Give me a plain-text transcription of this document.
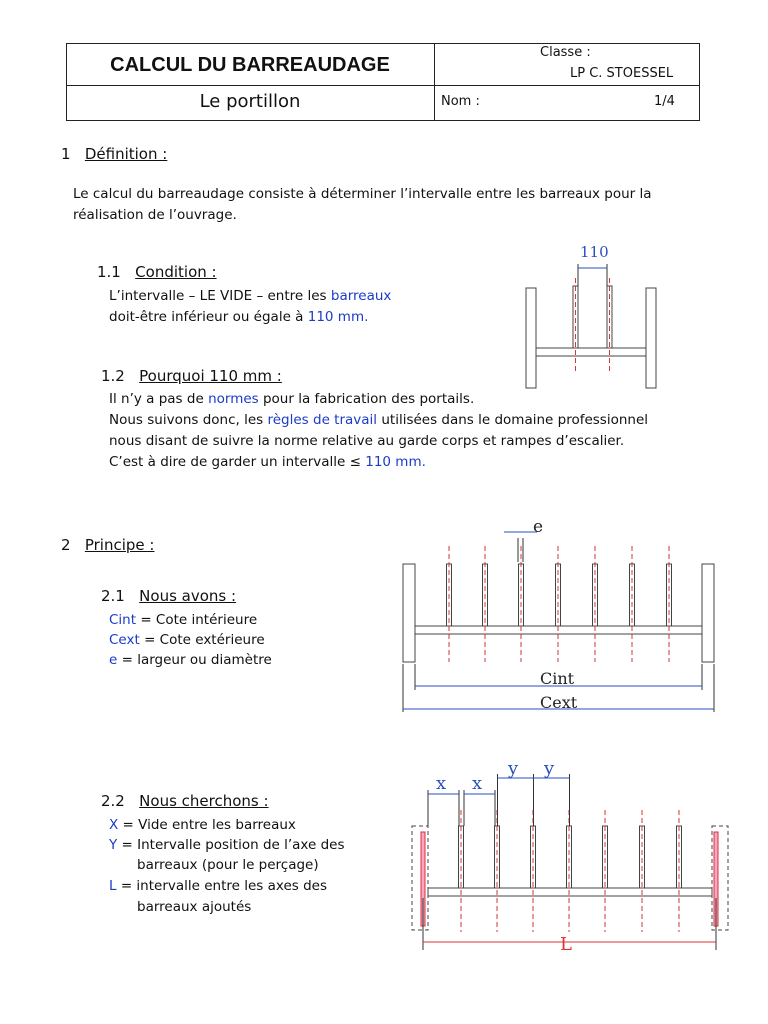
CALCUL DU BARREAUDAGE
Classe :
LP C. STOESSEL
Le portillon	Nom :	1/4
1 Définition :
Le calcul du barreaudage consiste à déterminer l’intervalle entre les barreaux pour la
réalisation de l’ouvrage.
1.1 Condition :
L’intervalle – LE VIDE – entre les barreaux
doit-être inférieur ou égale à 110 mm.
1.2 Pourquoi 110 mm :
Il n’y a pas de normes pour la fabrication des portails.
Nous suivons donc, les règles de travail utilisées dans le domaine professionnel
nous disant de suivre la norme relative au garde corps et rampes d’escalier.
C’est à dire de garder un intervalle ≤ 110 mm.
110
2 Principe :
2.1 Nous avons :
Cint = Cote intérieure
Cext = Cote extérieure
e = largeur ou diamètre
e
Cint
Cext
2.2 Nous cherchons :
X = Vide entre les barreaux
Y = Intervalle position de l’axe des
barreaux (pour le perçage)
L = intervalle entre les axes des
barreaux ajoutés
L
x x
y y
